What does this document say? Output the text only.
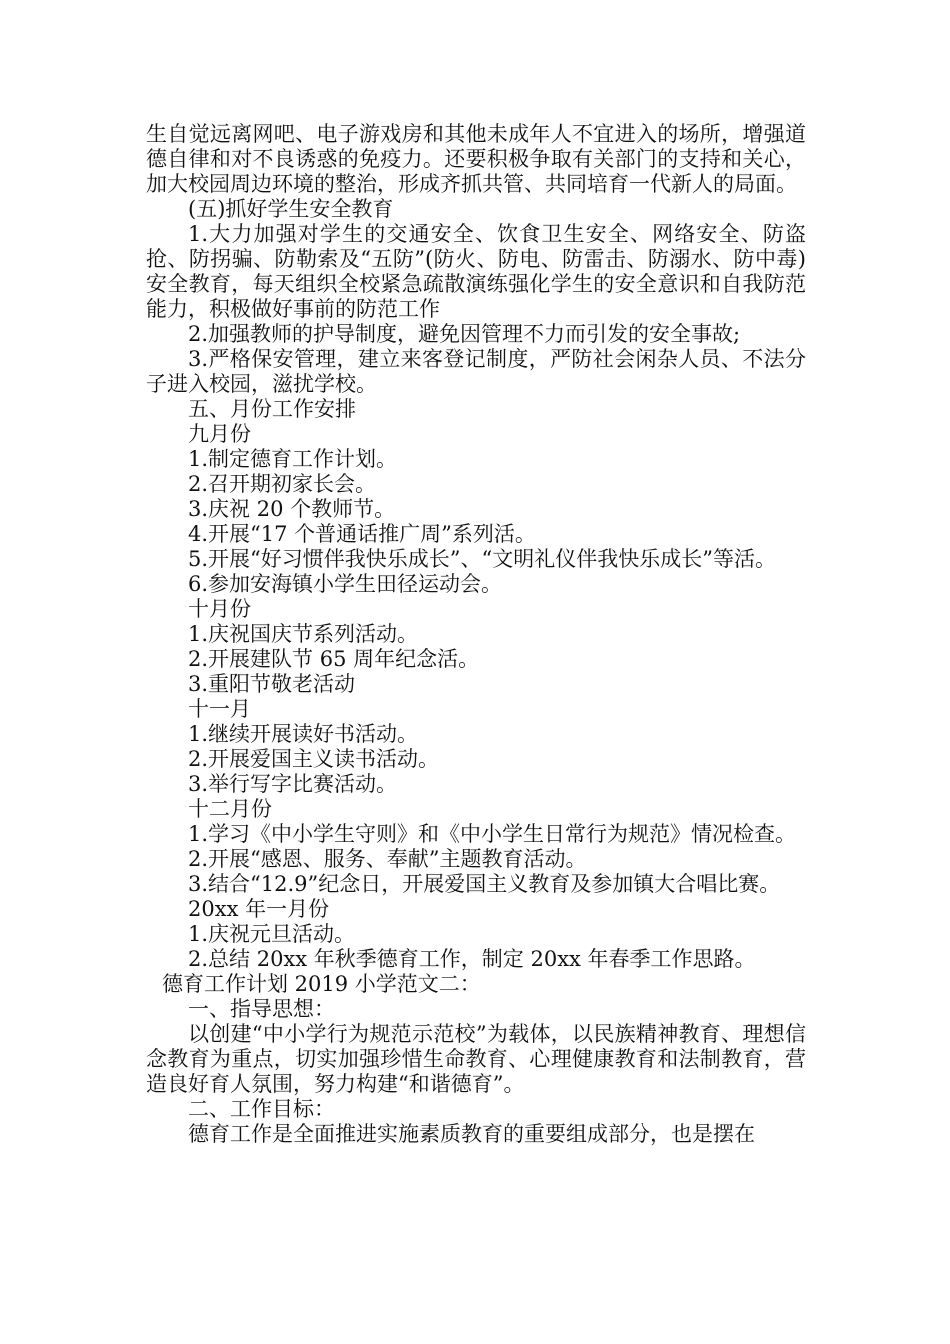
生自觉远离网吧、电子游戏房和其他未成年人不宜进入的场所，增强道德自律和对不良诱惑的免疫力。还要积极争取有关部门的支持和关心，加大校园周边环境的整治，形成齐抓共管、共同培育一代新人的局面。

(五)抓好学生安全教育

1.大力加强对学生的交通安全、饮食卫生安全、网络安全、防盗抢、防拐骗、防勒索及“五防”(防火、防电、防雷击、防溺水、防中毒)安全教育，每天组织全校紧急疏散演练强化学生的安全意识和自我防范能力，积极做好事前的防范工作

2.加强教师的护导制度，避免因管理不力而引发的安全事故;

3.严格保安管理，建立来客登记制度，严防社会闲杂人员、不法分子进入校园，滋扰学校。

五、月份工作安排

九月份

1.制定德育工作计划。

2.召开期初家长会。

3.庆祝 20 个教师节。

4.开展“17 个普通话推广周”系列活。

5.开展“好习惯伴我快乐成长”、“文明礼仪伴我快乐成长”等活。

6.参加安海镇小学生田径运动会。

十月份

1.庆祝国庆节系列活动。

2.开展建队节 65 周年纪念活。

3.重阳节敬老活动

十一月

1.继续开展读好书活动。

2.开展爱国主义读书活动。

3.举行写字比赛活动。

十二月份

1.学习《中小学生守则》和《中小学生日常行为规范》情况检查。

2.开展“感恩、服务、奉献”主题教育活动。

3.结合“12.9”纪念日，开展爱国主义教育及参加镇大合唱比赛。

20xx 年一月份

1.庆祝元旦活动。

2.总结 20xx 年秋季德育工作，制定 20xx 年春季工作思路。

德育工作计划 2019 小学范文二：

一、指导思想：

以创建“中小学行为规范示范校”为载体，以民族精神教育、理想信念教育为重点，切实加强珍惜生命教育、心理健康教育和法制教育，营造良好育人氛围，努力构建“和谐德育”。

二、工作目标：

德育工作是全面推进实施素质教育的重要组成部分，也是摆在
